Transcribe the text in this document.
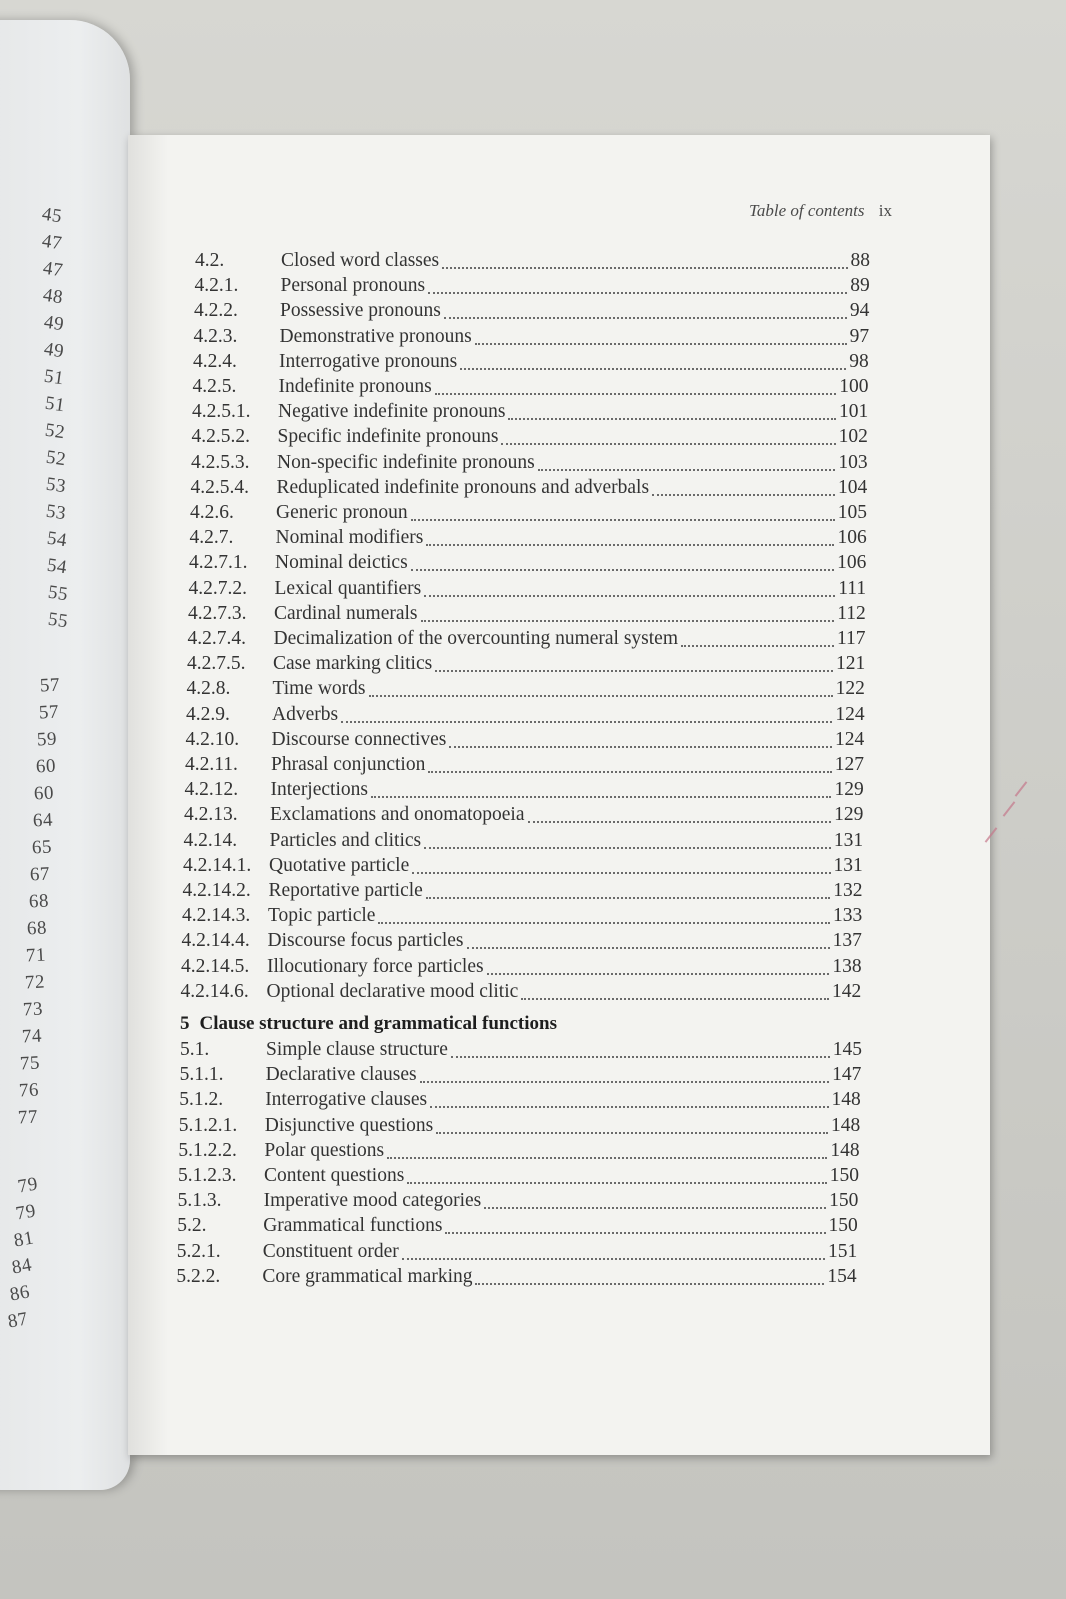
45
47
47
48
49
49
51
51
52
52
53
53
54
54
55
55
57
57
59
60
60
64
65
67
68
68
71
72
73
74
75
76
77
79
79
81
84
86
87
Table of contents ix
4.2.	Closed word classes	88
4.2.1.	Personal pronouns	89
4.2.2.	Possessive pronouns	94
4.2.3.	Demonstrative pronouns	97
4.2.4.	Interrogative pronouns	98
4.2.5.	Indefinite pronouns	100
4.2.5.1.	Negative indefinite pronouns	101
4.2.5.2.	Specific indefinite pronouns	102
4.2.5.3.	Non-specific indefinite pronouns	103
4.2.5.4.	Reduplicated indefinite pronouns and adverbals	104
4.2.6.	Generic pronoun	105
4.2.7.	Nominal modifiers	106
4.2.7.1.	Nominal deictics	106
4.2.7.2.	Lexical quantifiers	111
4.2.7.3.	Cardinal numerals	112
4.2.7.4.	Decimalization of the overcounting numeral system	117
4.2.7.5.	Case marking clitics	121
4.2.8.	Time words	122
4.2.9.	Adverbs	124
4.2.10.	Discourse connectives	124
4.2.11.	Phrasal conjunction	127
4.2.12.	Interjections	129
4.2.13.	Exclamations and onomatopoeia	129
4.2.14.	Particles and clitics	131
4.2.14.1. Quotative particle	131
4.2.14.2. Reportative particle	132
4.2.14.3. Topic particle	133
4.2.14.4. Discourse focus particles	137
4.2.14.5. Illocutionary force particles	138
4.2.14.6. Optional declarative mood clitic	142
5 Clause structure and grammatical functions
5.1.	Simple clause structure	145
5.1.1.	Declarative clauses	147
5.1.2.	Interrogative clauses	148
5.1.2.1.	Disjunctive questions	148
5.1.2.2.	Polar questions	148
5.1.2.3.	Content questions	150
5.1.3.	Imperative mood categories	150
5.2.	Grammatical functions	150
5.2.1.	Constituent order	151
5.2.2.	Core grammatical marking	154
